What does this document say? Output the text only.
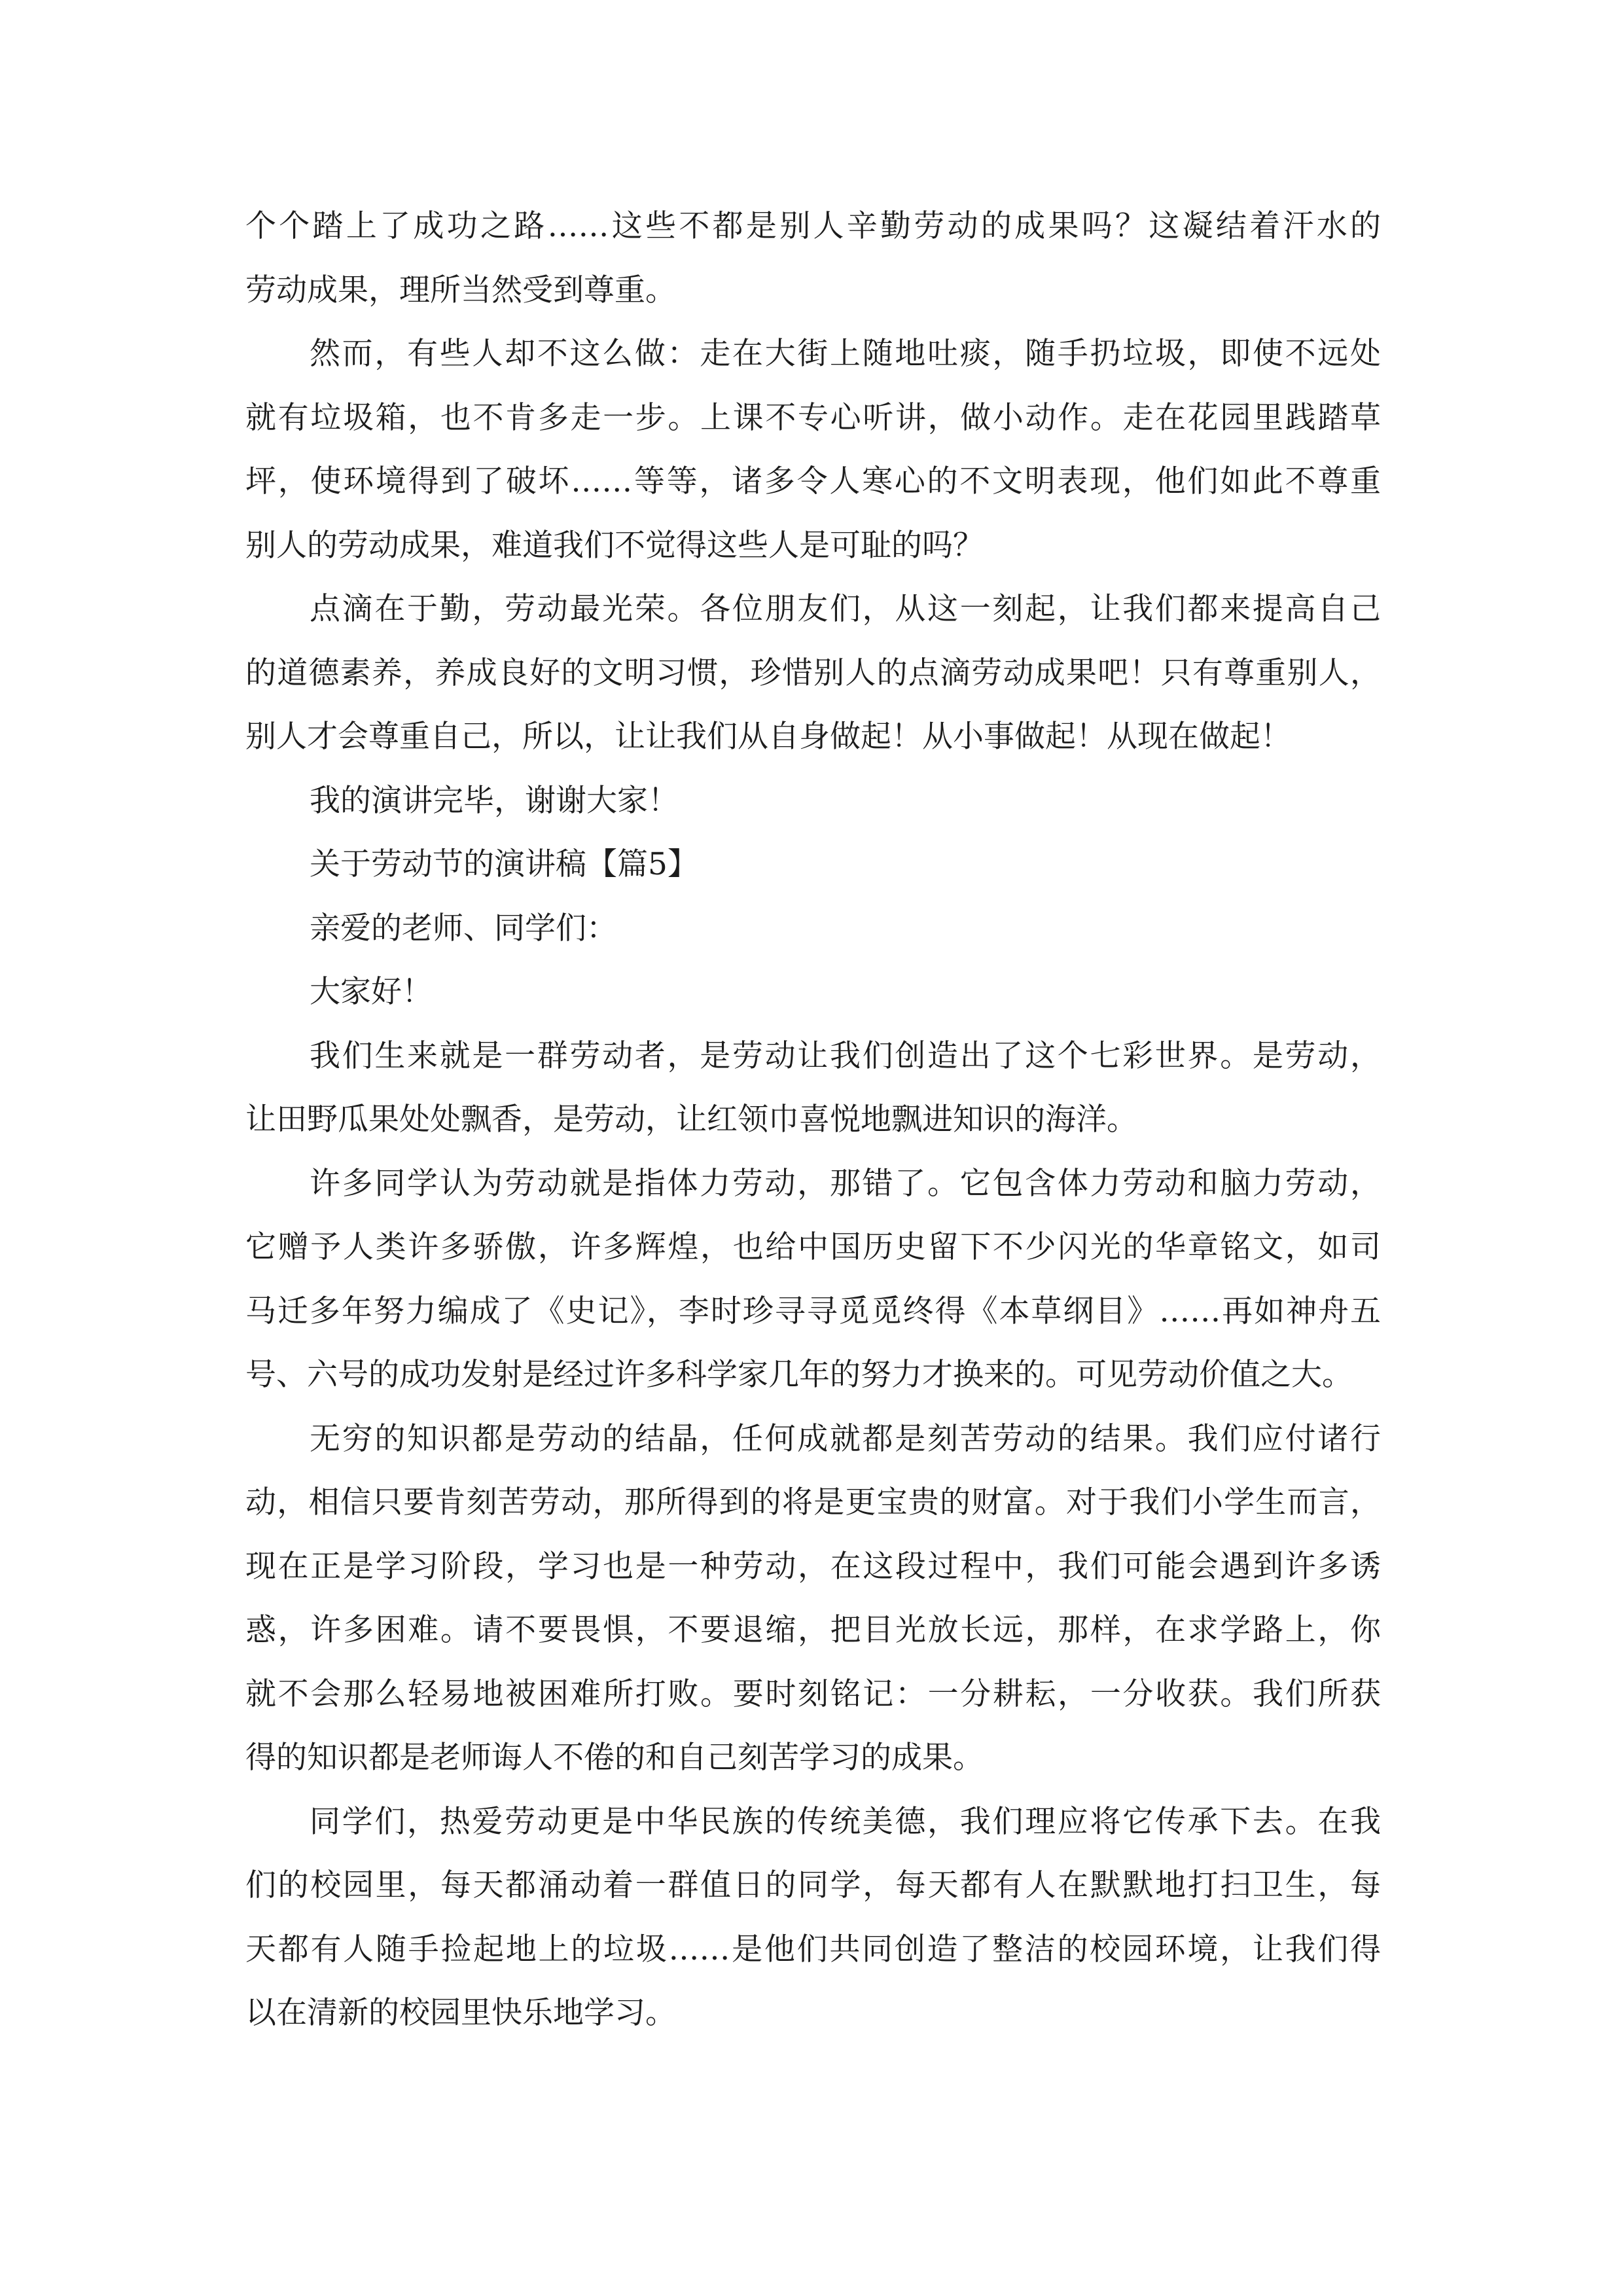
个个踏上了成功之路……这些不都是别人辛勤劳动的成果吗？这凝结着汗水的
劳动成果，理所当然受到尊重。
然而，有些人却不这么做：走在大街上随地吐痰，随手扔垃圾，即使不远处
就有垃圾箱，也不肯多走一步。上课不专心听讲，做小动作。走在花园里践踏草
坪，使环境得到了破坏……等等，诸多令人寒心的不文明表现，他们如此不尊重
别人的劳动成果，难道我们不觉得这些人是可耻的吗？
点滴在于勤，劳动最光荣。各位朋友们，从这一刻起，让我们都来提高自己
的道德素养，养成良好的文明习惯，珍惜别人的点滴劳动成果吧！只有尊重别人，
别人才会尊重自己，所以，让让我们从自身做起！从小事做起！从现在做起！
我的演讲完毕，谢谢大家！
关于劳动节的演讲稿【篇5】
亲爱的老师、同学们：
大家好！
我们生来就是一群劳动者，是劳动让我们创造出了这个七彩世界。是劳动，
让田野瓜果处处飘香，是劳动，让红领巾喜悦地飘进知识的海洋。
许多同学认为劳动就是指体力劳动，那错了。它包含体力劳动和脑力劳动，
它赠予人类许多骄傲，许多辉煌，也给中国历史留下不少闪光的华章铭文，如司
马迁多年努力编成了《史记》，李时珍寻寻觅觅终得《本草纲目》……再如神舟五
号、六号的成功发射是经过许多科学家几年的努力才换来的。可见劳动价值之大。
无穷的知识都是劳动的结晶，任何成就都是刻苦劳动的结果。我们应付诸行
动，相信只要肯刻苦劳动，那所得到的将是更宝贵的财富。对于我们小学生而言，
现在正是学习阶段，学习也是一种劳动，在这段过程中，我们可能会遇到许多诱
惑，许多困难。请不要畏惧，不要退缩，把目光放长远，那样，在求学路上，你
就不会那么轻易地被困难所打败。要时刻铭记：一分耕耘，一分收获。我们所获
得的知识都是老师诲人不倦的和自己刻苦学习的成果。
同学们，热爱劳动更是中华民族的传统美德，我们理应将它传承下去。在我
们的校园里，每天都涌动着一群值日的同学，每天都有人在默默地打扫卫生，每
天都有人随手捡起地上的垃圾……是他们共同创造了整洁的校园环境，让我们得
以在清新的校园里快乐地学习。
